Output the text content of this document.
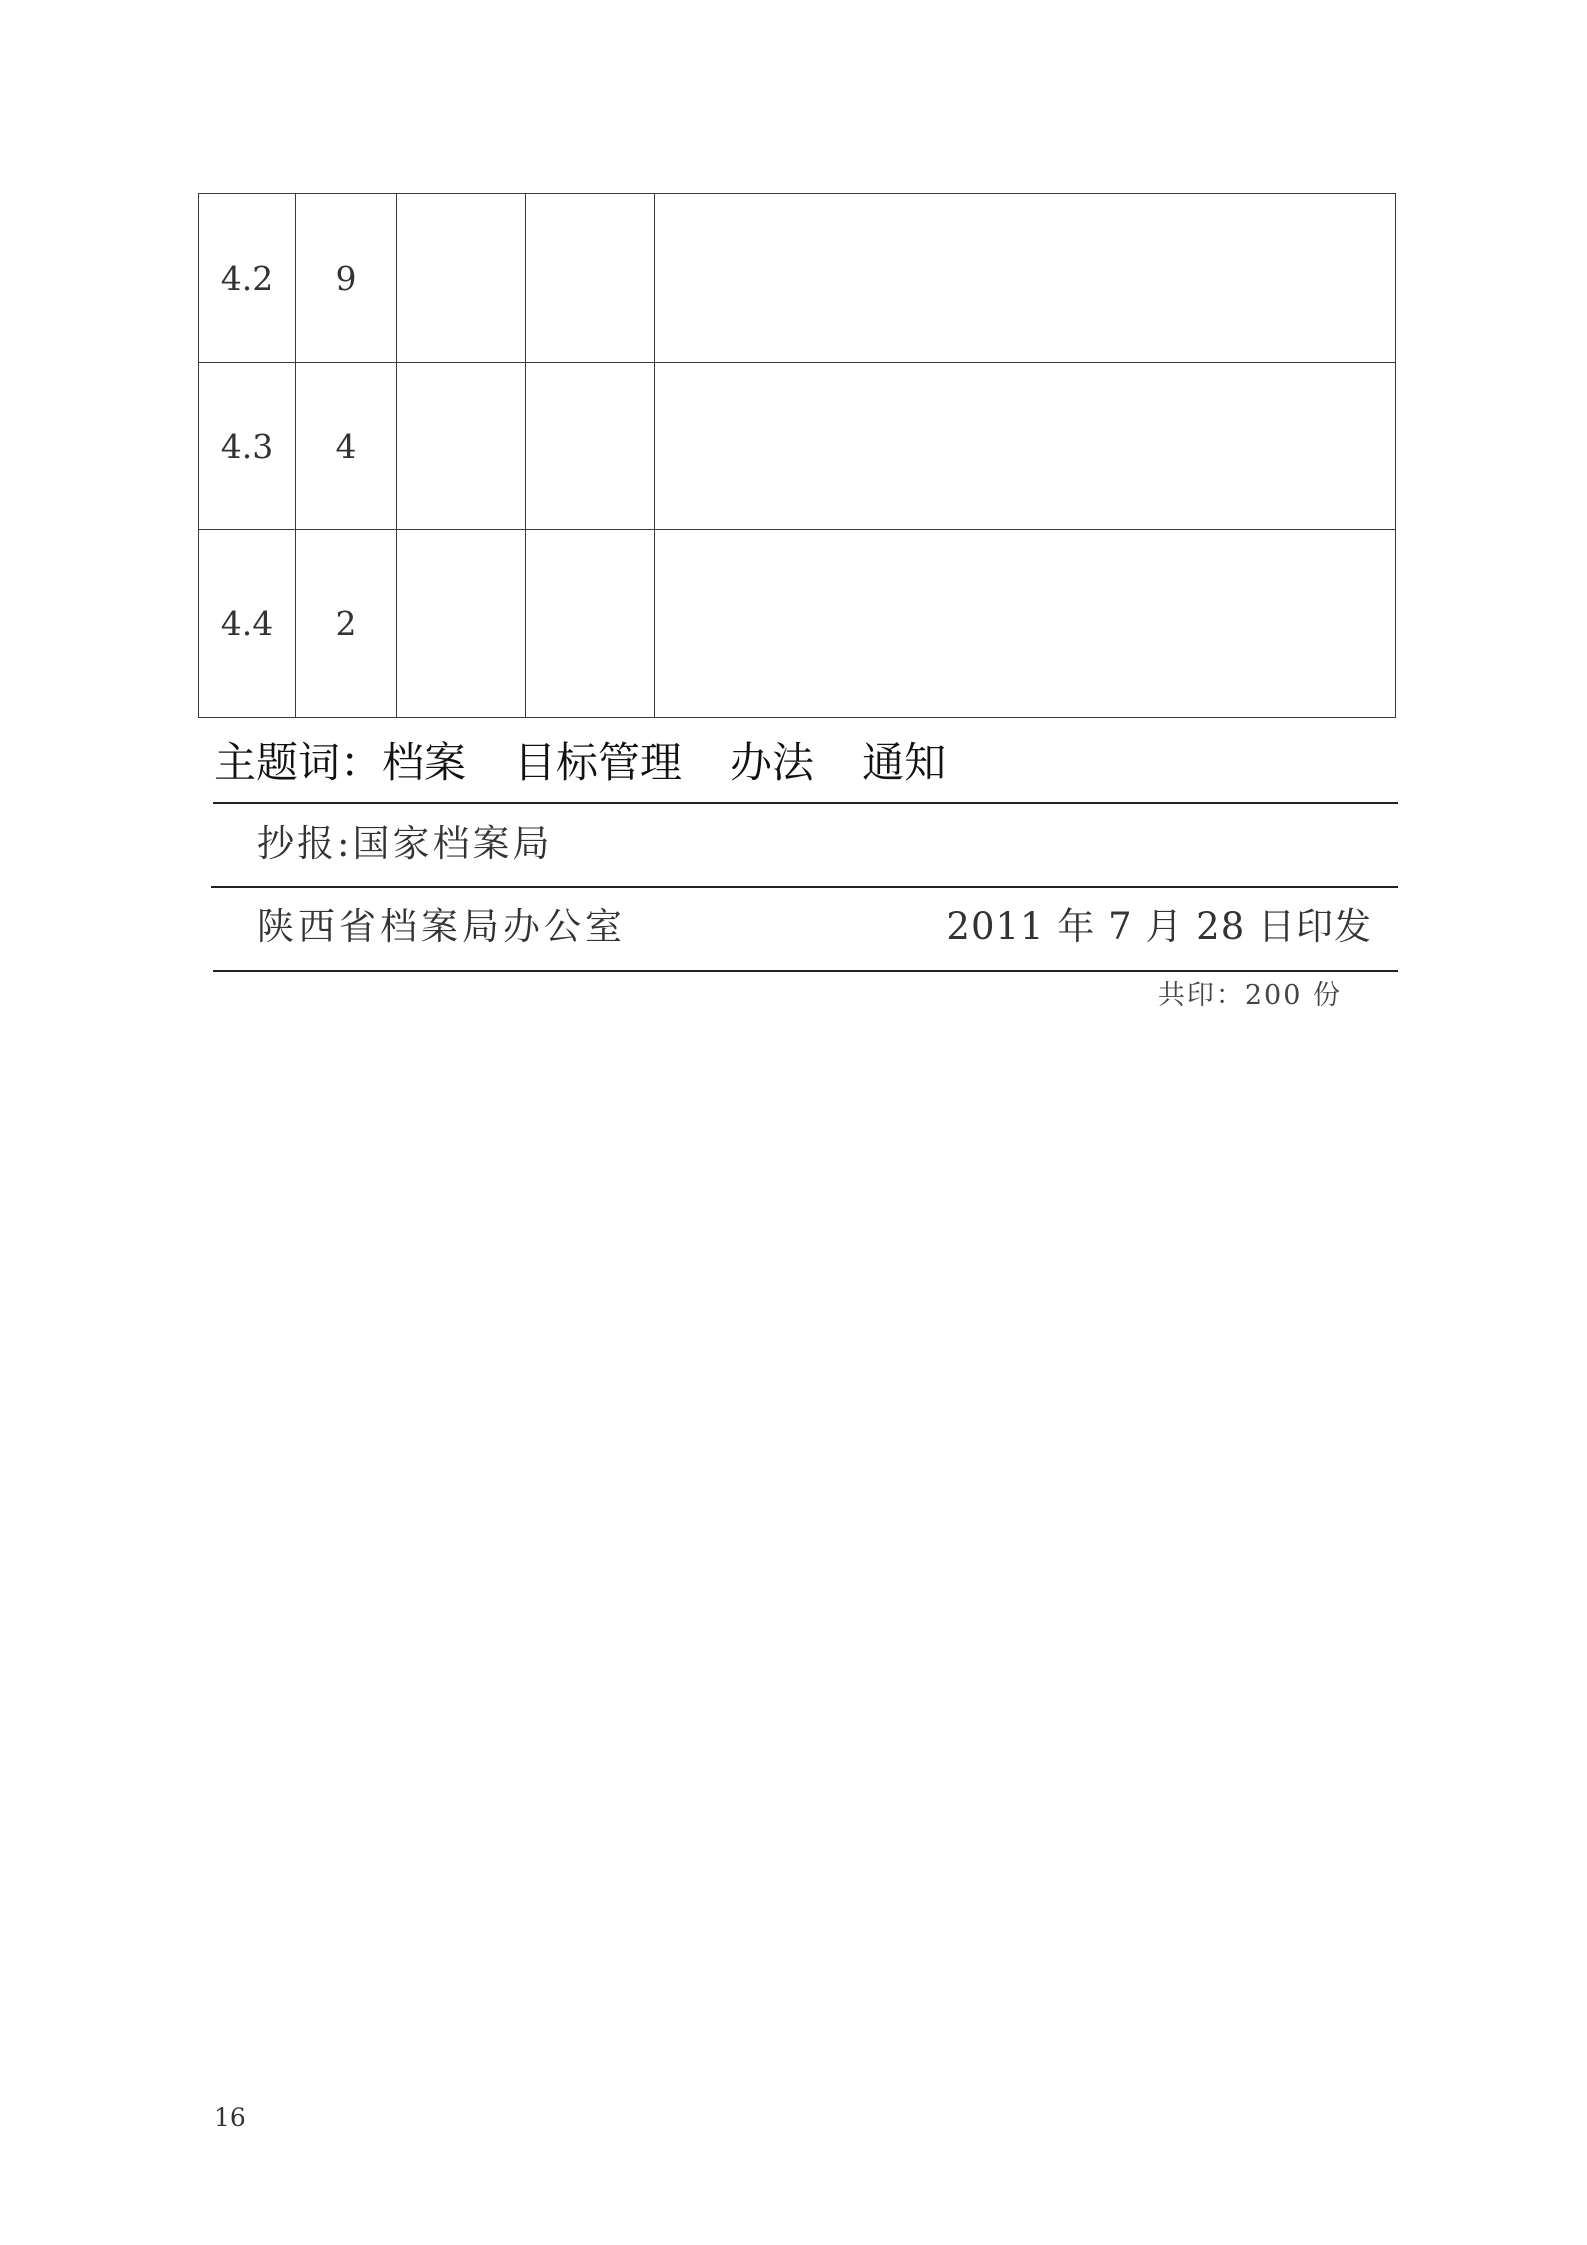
4.2	9			
4.3	4			
4.4	2			
主题词：档案 目标管理 办法 通知
抄报:国家档案局
陕西省档案局办公室	2011 年 7 月 28 日印发
共印：200 份
16
